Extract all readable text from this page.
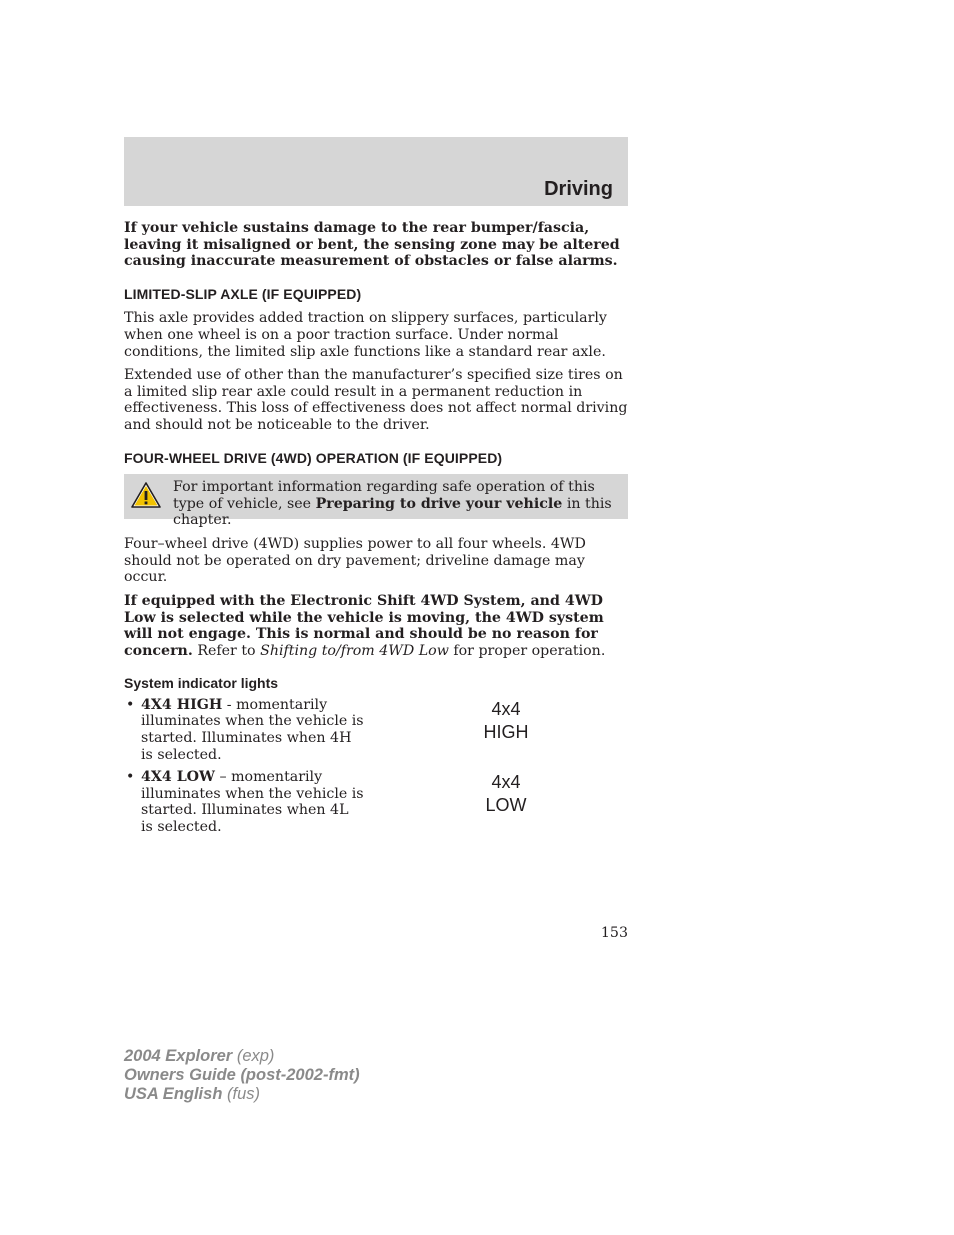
Driving

If your vehicle sustains damage to the rear bumper/fascia, leaving it misaligned or bent, the sensing zone may be altered causing inaccurate measurement of obstacles or false alarms.

LIMITED-SLIP AXLE (IF EQUIPPED)

This axle provides added traction on slippery surfaces, particularly when one wheel is on a poor traction surface. Under normal conditions, the limited slip axle functions like a standard rear axle.

Extended use of other than the manufacturer’s specified size tires on a limited slip rear axle could result in a permanent reduction in effectiveness. This loss of effectiveness does not affect normal driving and should not be noticeable to the driver.

FOUR-WHEEL DRIVE (4WD) OPERATION (IF EQUIPPED)
For important information regarding safe operation of this type of vehicle, see Preparing to drive your vehicle in this chapter.

Four–wheel drive (4WD) supplies power to all four wheels. 4WD should not be operated on dry pavement; driveline damage may occur.

If equipped with the Electronic Shift 4WD System, and 4WD Low is selected while the vehicle is moving, the 4WD system will not engage. This is normal and should be no reason for concern. Refer to Shifting to/from 4WD Low for proper operation.

System indicator lights
• 4X4 HIGH - momentarily illuminates when the vehicle is started. Illuminates when 4H is selected.
• 4X4 LOW – momentarily illuminates when the vehicle is started. Illuminates when 4L is selected.
4x4
HIGH
4x4
LOW
153
2004 Explorer (exp)
Owners Guide (post-2002-fmt)
USA English (fus)
